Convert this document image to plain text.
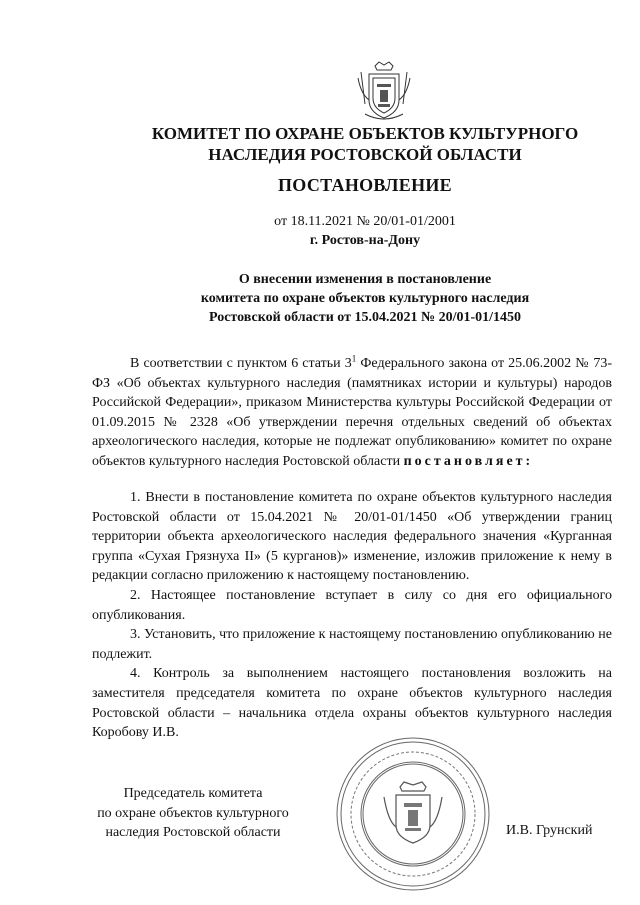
КОМИТЕТ ПО ОХРАНЕ ОБЪЕКТОВ КУЛЬТУРНОГО
НАСЛЕДИЯ РОСТОВСКОЙ ОБЛАСТИ
ПОСТАНОВЛЕНИЕ
от 18.11.2021 № 20/01-01/2001
г. Ростов-на-Дону
О внесении изменения в постановление
комитета по охране объектов культурного наследия
Ростовской области от 15.04.2021 № 20/01-01/1450

В соответствии с пунктом 6 статьи $3^1$ Федерального закона от 25.06.2002 № 73-ФЗ «Об объектах культурного наследия (памятниках истории и культуры) народов Российской Федерации», приказом Министерства культуры Российской Федерации от 01.09.2015 № 2328 «Об утверждении перечня отдельных сведений об объектах археологического наследия, которые не подлежат опубликованию» комитет по охране объектов культурного наследия Ростовской области постановляет:

1. Внести в постановление комитета по охране объектов культурного наследия Ростовской области от 15.04.2021 № 20/01-01/1450 «Об утверждении границ территории объекта археологического наследия федерального значения «Курганная группа «Сухая Грязнуха II» (5 курганов)» изменение, изложив приложение к нему в редакции согласно приложению к настоящему постановлению.

2. Настоящее постановление вступает в силу со дня его официального опубликования.

3. Установить, что приложение к настоящему постановлению опубликованию не подлежит.

4. Контроль за выполнением настоящего постановления возложить на заместителя председателя комитета по охране объектов культурного наследия Ростовской области – начальника отдела охраны объектов культурного наследия Коробову И.В.

Председатель комитета
по охране объектов культурного
наследия Ростовской области	И.В. Грунский
